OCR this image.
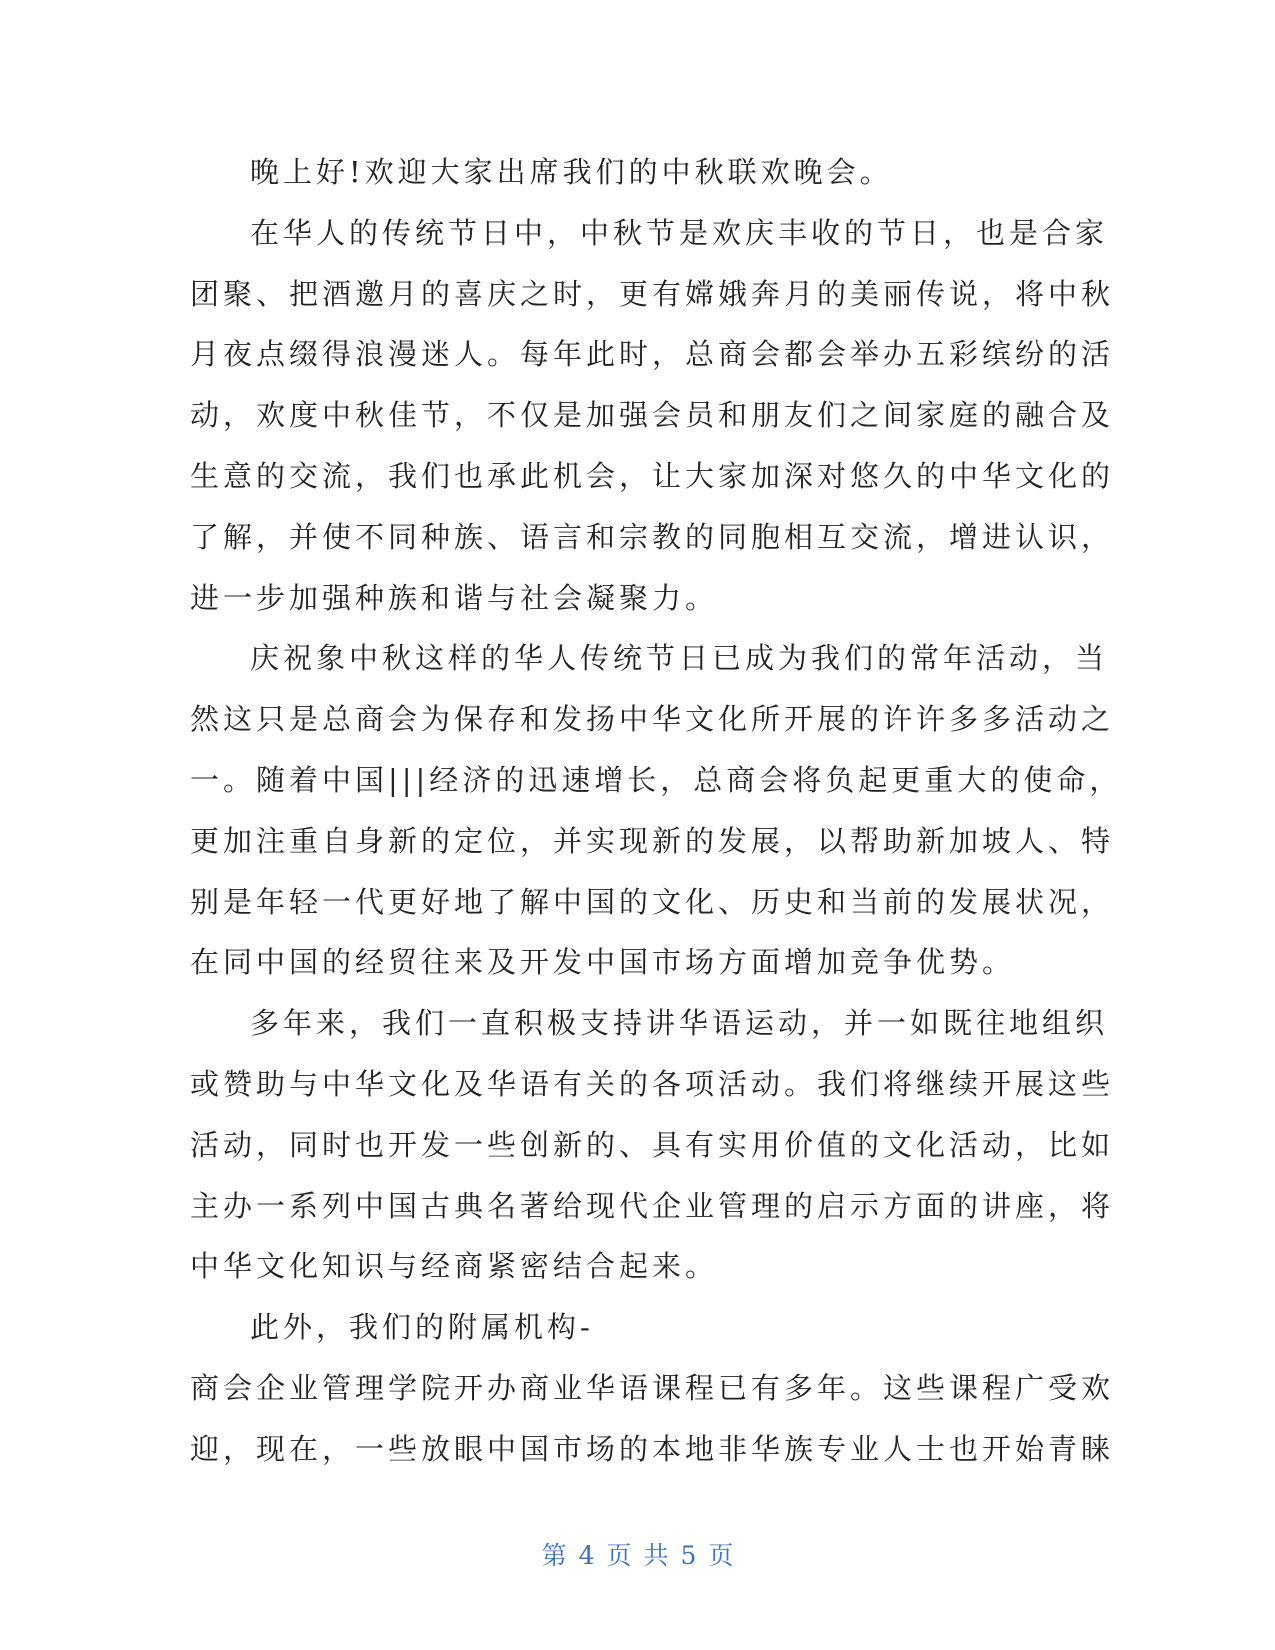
晚上好!欢迎大家出席我们的中秋联欢晚会。
在华人的传统节日中，中秋节是欢庆丰收的节日，也是合家
团聚、把酒邀月的喜庆之时，更有嫦娥奔月的美丽传说，将中秋
月夜点缀得浪漫迷人。每年此时，总商会都会举办五彩缤纷的活
动，欢度中秋佳节，不仅是加强会员和朋友们之间家庭的融合及
生意的交流，我们也承此机会，让大家加深对悠久的中华文化的
了解，并使不同种族、语言和宗教的同胞相互交流，增进认识，
进一步加强种族和谐与社会凝聚力。
庆祝象中秋这样的华人传统节日已成为我们的常年活动，当
然这只是总商会为保存和发扬中华文化所开展的许许多多活动之
一。随着中国|||经济的迅速增长，总商会将负起更重大的使命，
更加注重自身新的定位，并实现新的发展，以帮助新加坡人、特
别是年轻一代更好地了解中国的文化、历史和当前的发展状况，
在同中国的经贸往来及开发中国市场方面增加竞争优势。
多年来，我们一直积极支持讲华语运动，并一如既往地组织
或赞助与中华文化及华语有关的各项活动。我们将继续开展这些
活动，同时也开发一些创新的、具有实用价值的文化活动，比如
主办一系列中国古典名著给现代企业管理的启示方面的讲座，将
中华文化知识与经商紧密结合起来。
此外，我们的附属机构-
商会企业管理学院开办商业华语课程已有多年。这些课程广受欢
迎，现在，一些放眼中国市场的本地非华族专业人士也开始青睐
第 4 页 共 5 页
